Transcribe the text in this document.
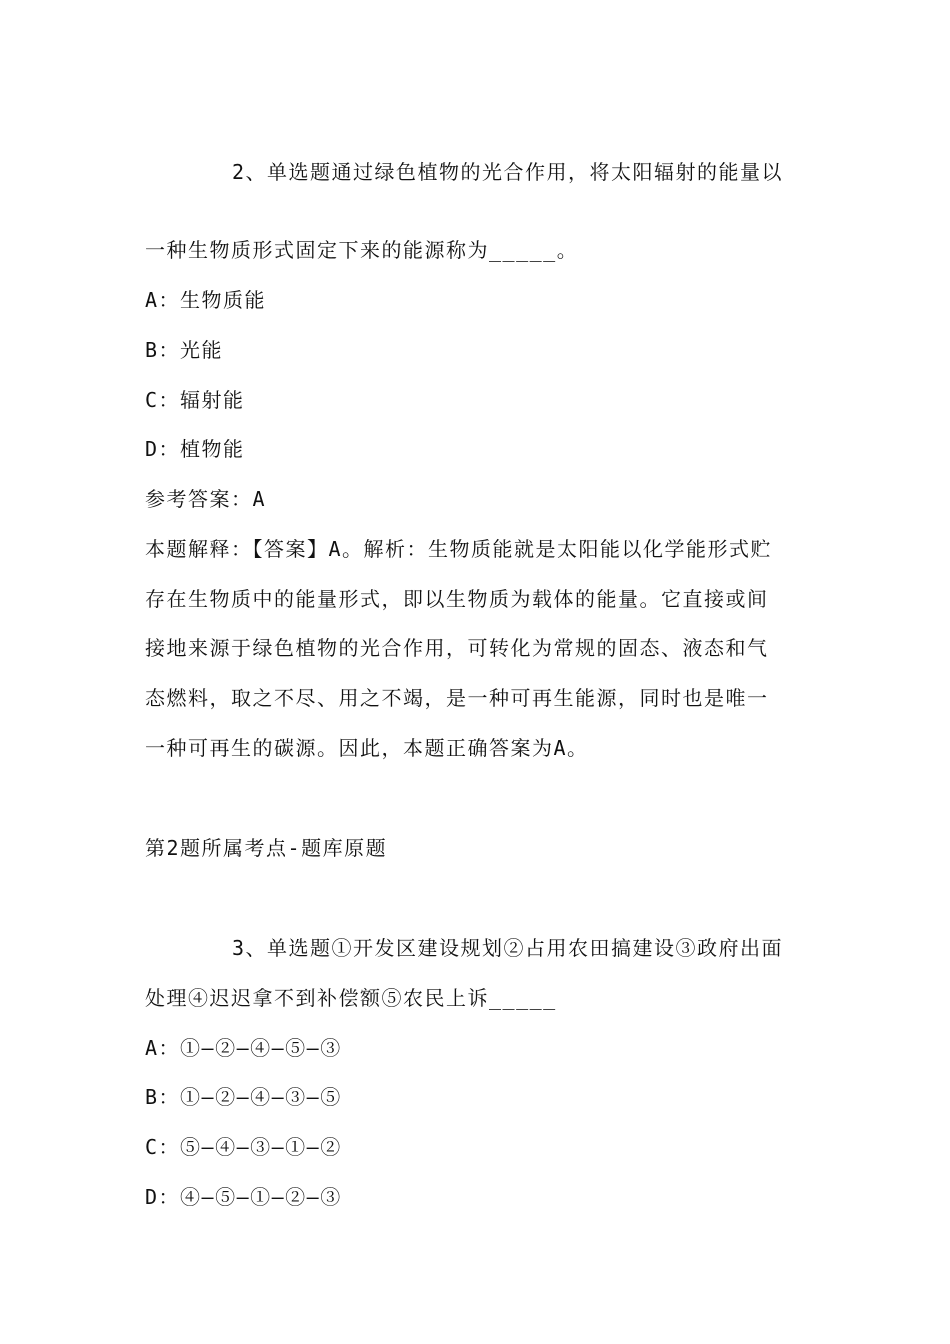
2、单选题通过绿色植物的光合作用，将太阳辐射的能量以
一种生物质形式固定下来的能源称为_____。
A：生物质能
B：光能
C：辐射能
D：植物能
参考答案：A
本题解释：【答案】A。解析：生物质能就是太阳能以化学能形式贮
存在生物质中的能量形式，即以生物质为载体的能量。它直接或间
接地来源于绿色植物的光合作用，可转化为常规的固态、液态和气
态燃料，取之不尽、用之不竭，是一种可再生能源，同时也是唯一
一种可再生的碳源。因此，本题正确答案为A。
第2题所属考点-题库原题
3、单选题①开发区建设规划②占用农田搞建设③政府出面
处理④迟迟拿不到补偿额⑤农民上诉_____
A：①—②—④—⑤—③
B：①—②—④—③—⑤
C：⑤—④—③—①—②
D：④—⑤—①—②—③
